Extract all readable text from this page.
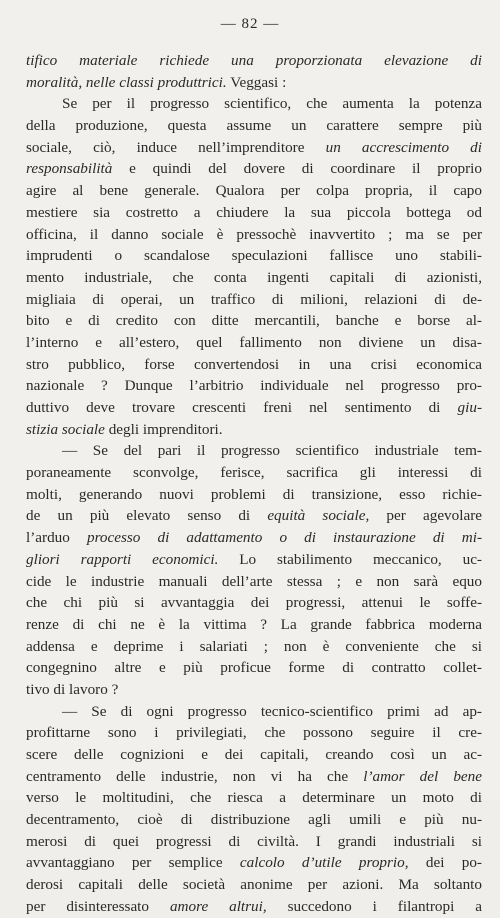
— 82 —
tifico materiale richiede una proporzionata elevazione di
moralità, nelle classi produttrici. Veggasi :
Se per il progresso scientifico, che aumenta la potenza
della produzione, questa assume un carattere sempre più
sociale, ciò, induce nell’imprenditore un accrescimento di
responsabilità e quindi del dovere di coordinare il proprio
agire al bene generale. Qualora per colpa propria, il capo
mestiere sia costretto a chiudere la sua piccola bottega od
officina, il danno sociale è pressochè inavvertito ; ma se per
imprudenti o scandalose speculazioni fallisce uno stabili-
mento industriale, che conta ingenti capitali di azionisti,
migliaia di operai, un traffico di milioni, relazioni di de-
bito e di credito con ditte mercantili, banche e borse al-
l’interno e all’estero, quel fallimento non diviene un disa-
stro pubblico, forse convertendosi in una crisi economica
nazionale ? Dunque l’arbitrio individuale nel progresso pro-
duttivo deve trovare crescenti freni nel sentimento di giu-
stizia sociale degli imprenditori.
— Se del pari il progresso scientifico industriale tem-
poraneamente sconvolge, ferisce, sacrifica gli interessi di
molti, generando nuovi problemi di transizione, esso richie-
de un più elevato senso di equità sociale, per agevolare
l’arduo processo di adattamento o di instaurazione di mi-
gliori rapporti economici. Lo stabilimento meccanico, uc-
cide le industrie manuali dell’arte stessa ; e non sarà equo
che chi più si avvantaggia dei progressi, attenui le soffe-
renze di chi ne è la vittima ? La grande fabbrica moderna
addensa e deprime i salariati ; non è conveniente che si
congegnino altre e più proficue forme di contratto collet-
tivo di lavoro ?
— Se di ogni progresso tecnico-scientifico primi ad ap-
profittarne sono i privilegiati, che possono seguire il cre-
scere delle cognizioni e dei capitali, creando così un ac-
centramento delle industrie, non vi ha che l’amor del bene
verso le moltitudini, che riesca a determinare un moto di
decentramento, cioè di distribuzione agli umili e più nu-
merosi di quei progressi di civiltà. I grandi industriali si
avvantaggiano per semplice calcolo d’utile proprio, dei po-
derosi capitali delle società anonime per azioni. Ma soltanto
per disinteressato amore altrui, succedono i filantropi a
